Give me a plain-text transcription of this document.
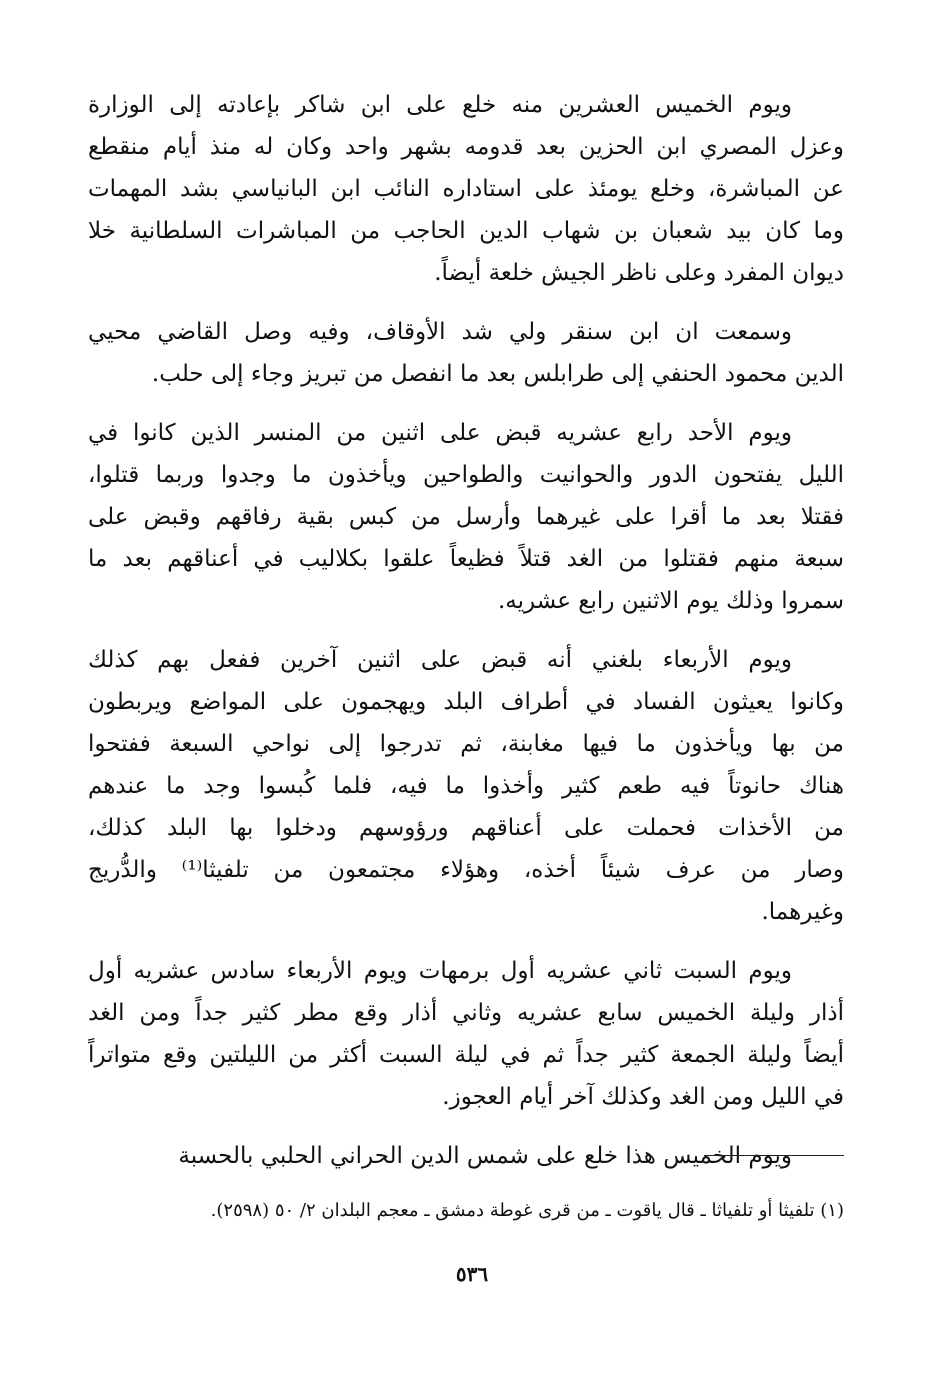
ويوم الخميس العشرين منه خلع على ابن شاكر بإعادته إلى الوزارة
وعزل المصري ابن الحزين بعد قدومه بشهر واحد وكان له منذ أيام منقطع
عن المباشرة، وخلع يومئذ على استاداره النائب ابن البانياسي بشد المهمات
وما كان بيد شعبان بن شهاب الدين الحاجب من المباشرات السلطانية خلا
ديوان المفرد وعلى ناظر الجيش خلعة أيضاً.
وسمعت ان ابن سنقر ولي شد الأوقاف، وفيه وصل القاضي محيي
الدين محمود الحنفي إلى طرابلس بعد ما انفصل من تبريز وجاء إلى حلب.
ويوم الأحد رابع عشريه قبض على اثنين من المنسر الذين كانوا في
الليل يفتحون الدور والحوانيت والطواحين ويأخذون ما وجدوا وربما قتلوا،
فقتلا بعد ما أقرا على غيرهما وأرسل من كبس بقية رفاقهم وقبض على
سبعة منهم فقتلوا من الغد قتلاً فظيعاً علقوا بكلاليب في أعناقهم بعد ما
سمروا وذلك يوم الاثنين رابع عشريه.
ويوم الأربعاء بلغني أنه قبض على اثنين آخرين ففعل بهم كذلك
وكانوا يعيثون الفساد في أطراف البلد ويهجمون على المواضع ويربطون
من بها ويأخذون ما فيها مغابنة، ثم تدرجوا إلى نواحي السبعة ففتحوا
هناك حانوتاً فيه طعم كثير وأخذوا ما فيه، فلما كُبسوا وجد ما عندهم
من الأخذات فحملت على أعناقهم ورؤوسهم ودخلوا بها البلد كذلك،
وصار من عرف شيئاً أخذه، وهؤلاء مجتمعون من تلفيثا⁽¹⁾ والدُّريج
وغيرهما.
ويوم السبت ثاني عشريه أول برمهات ويوم الأربعاء سادس عشريه أول
أذار وليلة الخميس سابع عشريه وثاني أذار وقع مطر كثير جداً ومن الغد
أيضاً وليلة الجمعة كثير جداً ثم في ليلة السبت أكثر من الليلتين وقع متواتراً
في الليل ومن الغد وكذلك آخر أيام العجوز.
ويوم الخميس هذا خلع على شمس الدين الحراني الحلبي بالحسبة
(١) تلفيثا أو تلفياثا ـ قال ياقوت ـ من قرى غوطة دمشق ـ معجم البلدان ٢/ ٥٠ (٢٥٩٨).
٥٣٦
